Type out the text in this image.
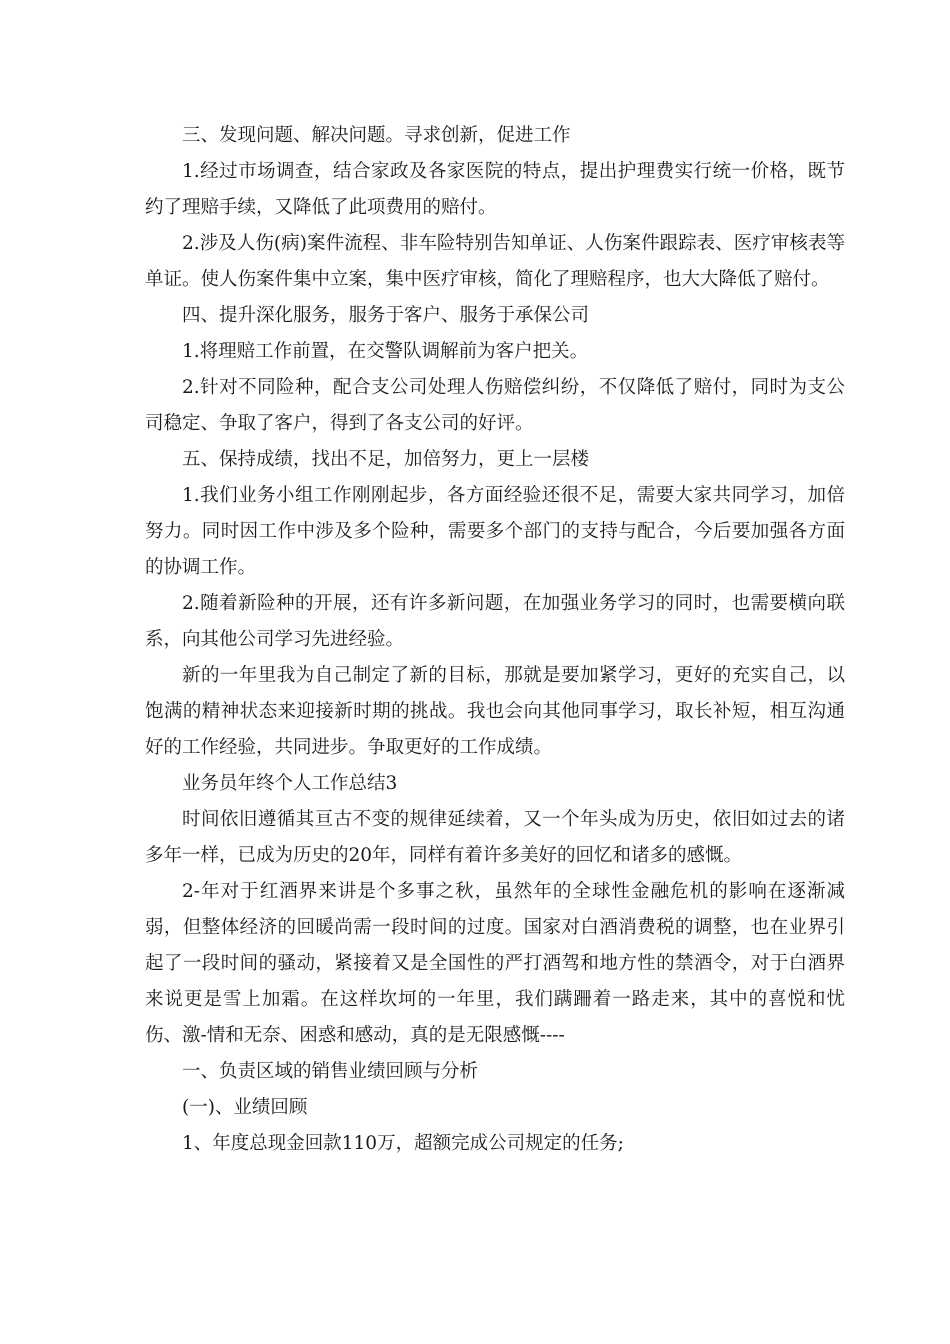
三、发现问题、解决问题。寻求创新，促进工作

1.经过市场调查，结合家政及各家医院的特点，提出护理费实行统一价格，既节约了理赔手续，又降低了此项费用的赔付。

2.涉及人伤(病)案件流程、非车险特别告知单证、人伤案件跟踪表、医疗审核表等单证。使人伤案件集中立案，集中医疗审核，简化了理赔程序，也大大降低了赔付。

四、提升深化服务，服务于客户、服务于承保公司

1.将理赔工作前置，在交警队调解前为客户把关。

2.针对不同险种，配合支公司处理人伤赔偿纠纷，不仅降低了赔付，同时为支公司稳定、争取了客户，得到了各支公司的好评。

五、保持成绩，找出不足，加倍努力，更上一层楼

1.我们业务小组工作刚刚起步，各方面经验还很不足，需要大家共同学习，加倍努力。同时因工作中涉及多个险种，需要多个部门的支持与配合，今后要加强各方面的协调工作。

2.随着新险种的开展，还有许多新问题，在加强业务学习的同时，也需要横向联系，向其他公司学习先进经验。

新的一年里我为自己制定了新的目标，那就是要加紧学习，更好的充实自己，以饱满的精神状态来迎接新时期的挑战。我也会向其他同事学习，取长补短，相互沟通好的工作经验，共同进步。争取更好的工作成绩。

业务员年终个人工作总结3

时间依旧遵循其亘古不变的规律延续着，又一个年头成为历史，依旧如过去的诸多年一样，已成为历史的20年，同样有着许多美好的回忆和诸多的感慨。

2-年对于红酒界来讲是个多事之秋，虽然年的全球性金融危机的影响在逐渐减弱，但整体经济的回暖尚需一段时间的过度。国家对白酒消费税的调整，也在业界引起了一段时间的骚动，紧接着又是全国性的严打酒驾和地方性的禁酒令，对于白酒界来说更是雪上加霜。在这样坎坷的一年里，我们蹒跚着一路走来，其中的喜悦和忧伤、激-情和无奈、困惑和感动，真的是无限感慨----

一、负责区域的销售业绩回顾与分析

(一)、业绩回顾

1、年度总现金回款110万，超额完成公司规定的任务;
